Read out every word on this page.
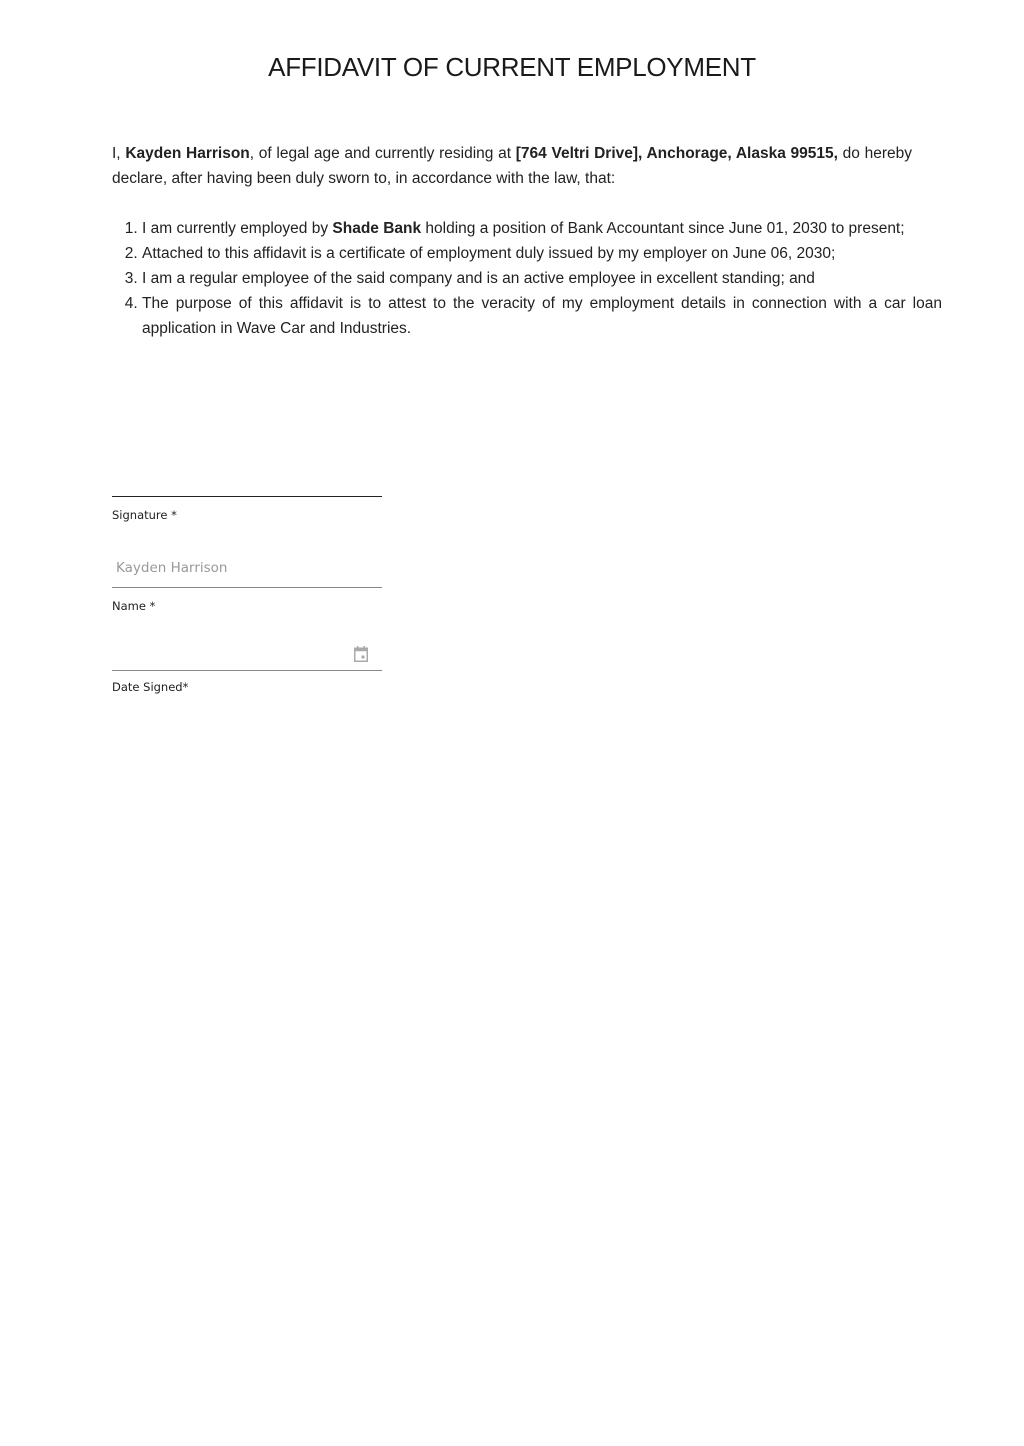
AFFIDAVIT OF CURRENT EMPLOYMENT
I, Kayden Harrison, of legal age and currently residing at [764 Veltri Drive], Anchorage, Alaska 99515, do hereby declare, after having been duly sworn to, in accordance with the law, that:
1. I am currently employed by Shade Bank holding a position of Bank Accountant since June 01, 2030 to present;
2. Attached to this affidavit is a certificate of employment duly issued by my employer on June 06, 2030;
3. I am a regular employee of the said company and is an active employee in excellent standing; and
4. The purpose of this affidavit is to attest to the veracity of my employment details in connection with a car loan application in Wave Car and Industries.
Signature *
Kayden Harrison
Name *
Date Signed*
